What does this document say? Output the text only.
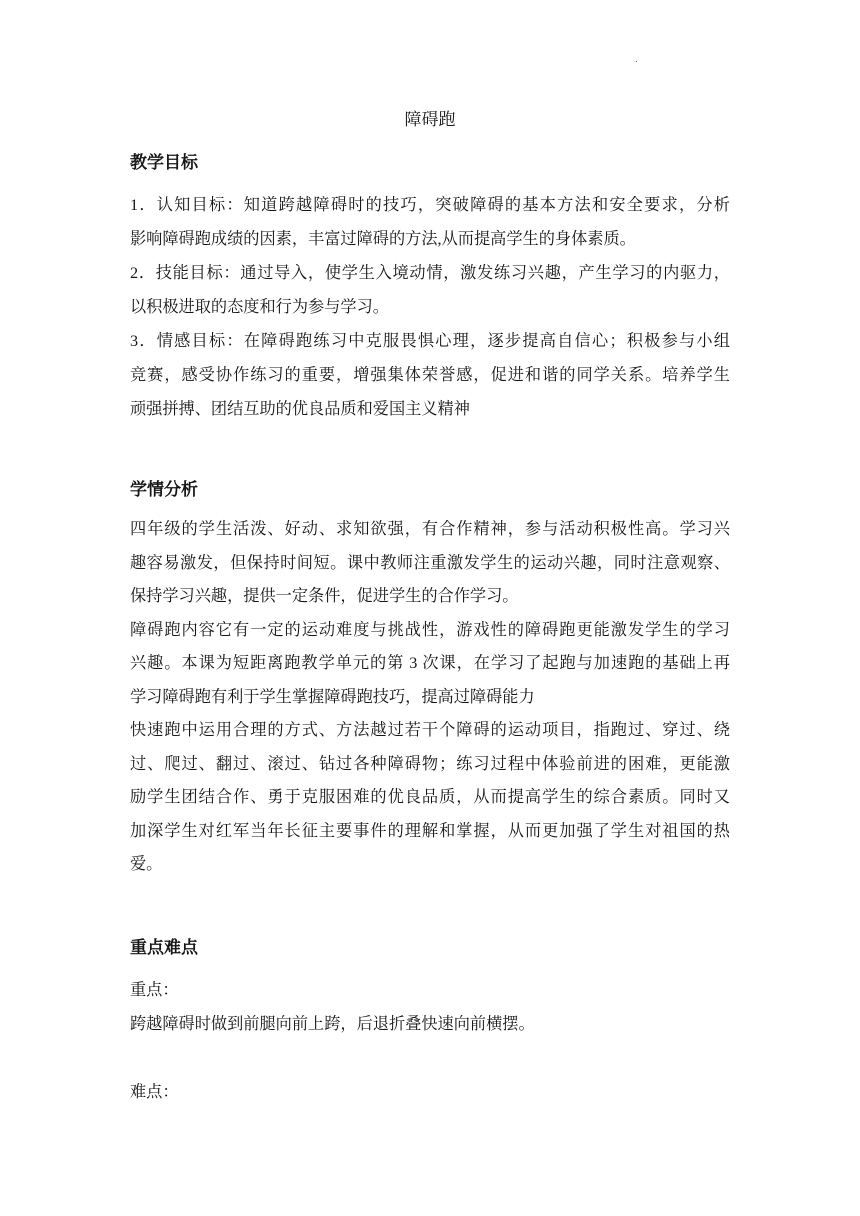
.
障碍跑
教学目标
1．认知目标：知道跨越障碍时的技巧，突破障碍的基本方法和安全要求，分析
影响障碍跑成绩的因素，丰富过障碍的方法,从而提高学生的身体素质。
2．技能目标：通过导入，使学生入境动情，激发练习兴趣，产生学习的内驱力，
以积极进取的态度和行为参与学习。
3．情感目标：在障碍跑练习中克服畏惧心理，逐步提高自信心；积极参与小组
竞赛，感受协作练习的重要，增强集体荣誉感，促进和谐的同学关系。培养学生
顽强拼搏、团结互助的优良品质和爱国主义精神
学情分析
四年级的学生活泼、好动、求知欲强，有合作精神，参与活动积极性高。学习兴
趣容易激发，但保持时间短。课中教师注重激发学生的运动兴趣，同时注意观察、
保持学习兴趣，提供一定条件，促进学生的合作学习。
障碍跑内容它有一定的运动难度与挑战性，游戏性的障碍跑更能激发学生的学习
兴趣。本课为短距离跑教学单元的第 3 次课，在学习了起跑与加速跑的基础上再
学习障碍跑有利于学生掌握障碍跑技巧，提高过障碍能力
快速跑中运用合理的方式、方法越过若干个障碍的运动项目，指跑过、穿过、绕
过、爬过、翻过、滚过、钻过各种障碍物；练习过程中体验前进的困难，更能激
励学生团结合作、勇于克服困难的优良品质，从而提高学生的综合素质。同时又
加深学生对红军当年长征主要事件的理解和掌握，从而更加强了学生对祖国的热
爱。
重点难点
重点：
跨越障碍时做到前腿向前上跨，后退折叠快速向前横摆。
难点：
